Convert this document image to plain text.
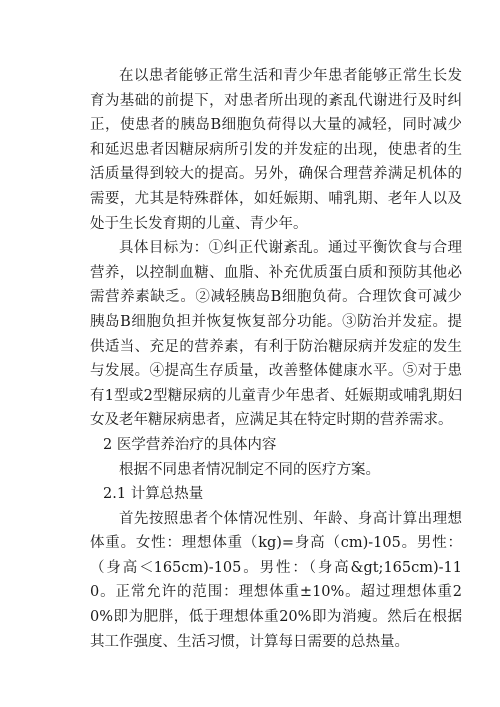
在以患者能够正常生活和青少年患者能够正常生长发育为基础的前提下，对患者所出现的紊乱代谢进行及时纠正，使患者的胰岛B细胞负荷得以大量的减轻，同时减少和延迟患者因糖尿病所引发的并发症的出现，使患者的生活质量得到较大的提高。另外，确保合理营养满足机体的需要，尤其是特殊群体，如妊娠期、哺乳期、老年人以及处于生长发育期的儿童、青少年。

具体目标为：①纠正代谢紊乱。通过平衡饮食与合理营养，以控制血糖、血脂、补充优质蛋白质和预防其他必需营养素缺乏。②减轻胰岛B细胞负荷。合理饮食可减少胰岛B细胞负担并恢复恢复部分功能。③防治并发症。提供适当、充足的营养素，有利于防治糖尿病并发症的发生与发展。④提高生存质量，改善整体健康水平。⑤对于患有1型或2型糖尿病的儿童青少年患者、妊娠期或哺乳期妇女及老年糖尿病患者，应满足其在特定时期的营养需求。

2 医学营养治疗的具体内容

根据不同患者情况制定不同的医疗方案。

2.1 计算总热量

首先按照患者个体情况性别、年龄、身高计算出理想体重。女性：理想体重（kg)=身高（cm)-105。男性：（身高＜165cm)-105。男性：（身高&gt;165cm)-110。正常允许的范围：理想体重±10%。超过理想体重20%即为肥胖，低于理想体重20%即为消瘦。然后在根据其工作强度、生活习惯，计算每日需要的总热量。
